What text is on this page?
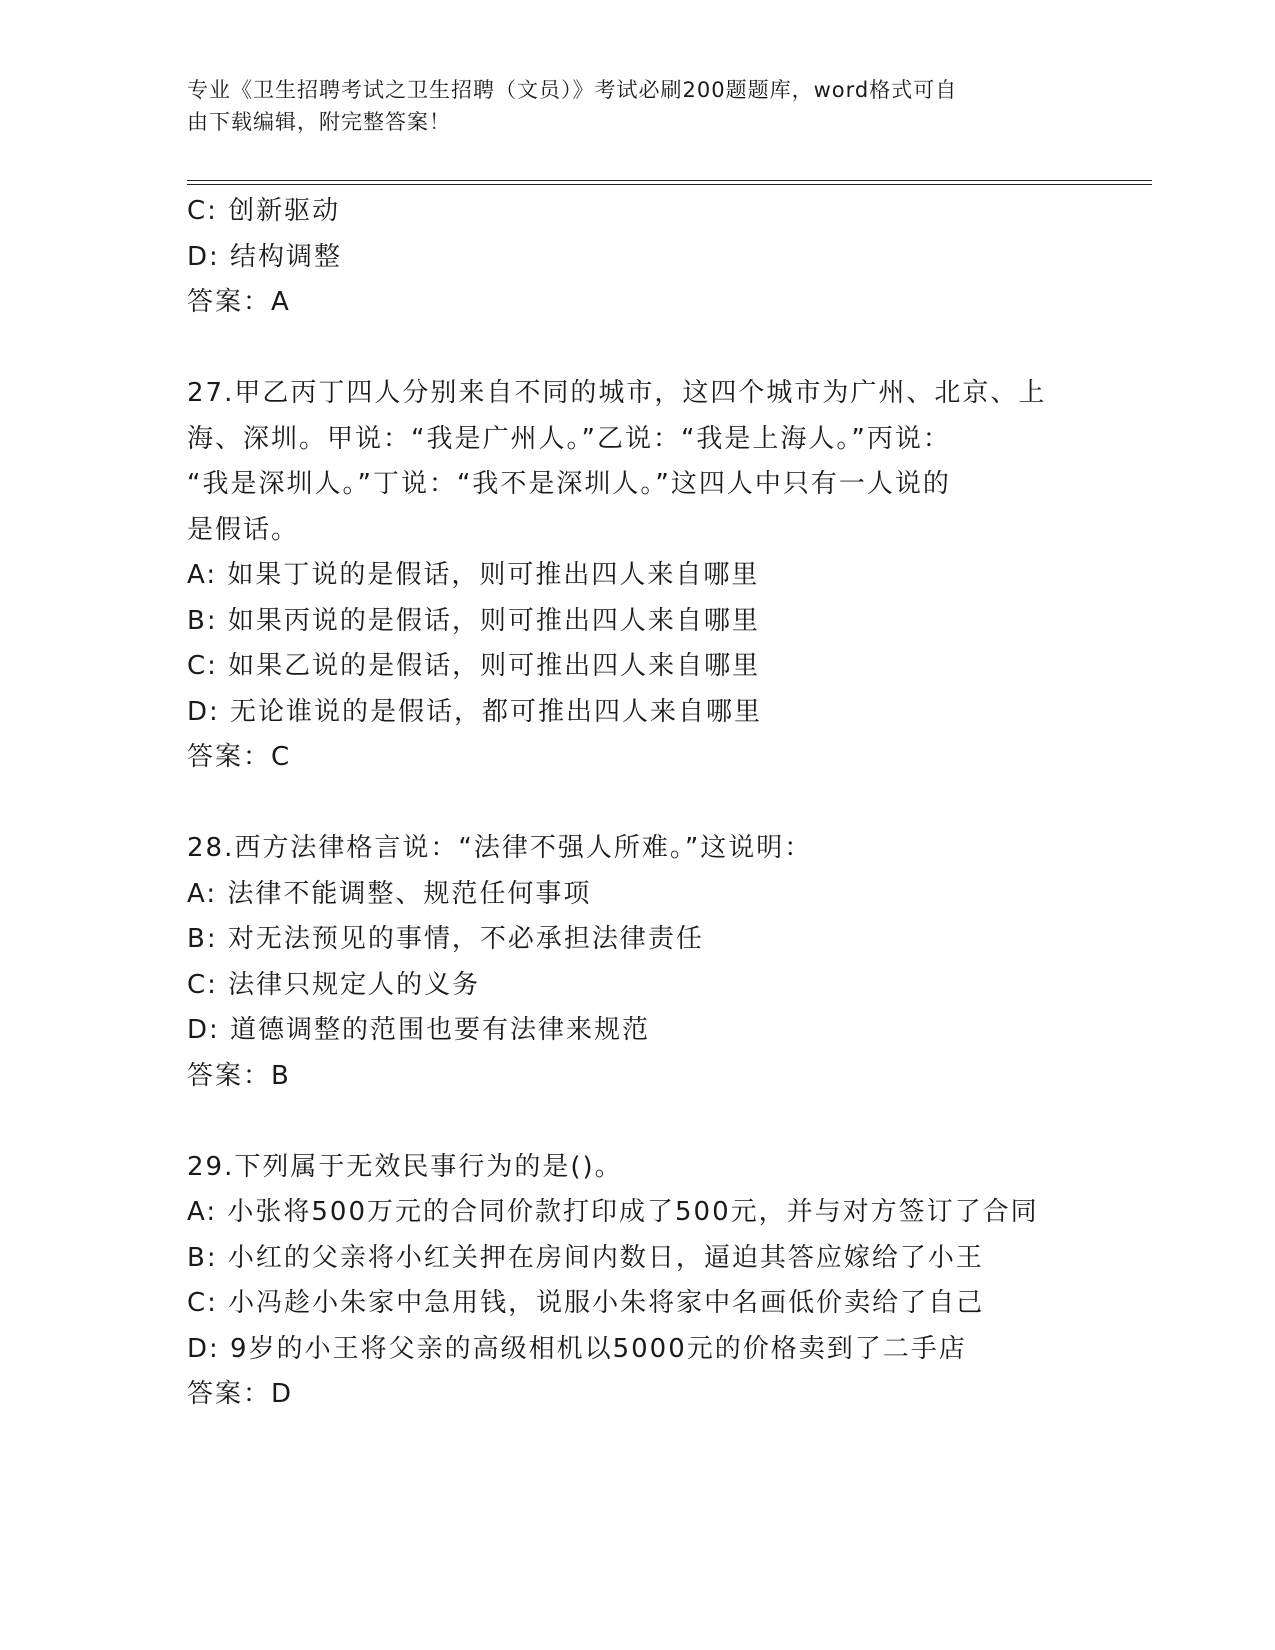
专业《卫生招聘考试之卫生招聘（文员）》考试必刷200题题库，word格式可自
由下载编辑，附完整答案！
C: 创新驱动
D: 结构调整
答案：A
27.甲乙丙丁四人分别来自不同的城市，这四个城市为广州、北京、上
海、深圳。甲说：“我是广州人。”乙说：“我是上海人。”丙说：
“我是深圳人。”丁说：“我不是深圳人。”这四人中只有一人说的
是假话。
A: 如果丁说的是假话，则可推出四人来自哪里
B: 如果丙说的是假话，则可推出四人来自哪里
C: 如果乙说的是假话，则可推出四人来自哪里
D: 无论谁说的是假话，都可推出四人来自哪里
答案：C
28.西方法律格言说：“法律不强人所难。”这说明：
A: 法律不能调整、规范任何事项
B: 对无法预见的事情，不必承担法律责任
C: 法律只规定人的义务
D: 道德调整的范围也要有法律来规范
答案：B
29.下列属于无效民事行为的是()。
A: 小张将500万元的合同价款打印成了500元，并与对方签订了合同
B: 小红的父亲将小红关押在房间内数日，逼迫其答应嫁给了小王
C: 小冯趁小朱家中急用钱，说服小朱将家中名画低价卖给了自己
D: 9岁的小王将父亲的高级相机以5000元的价格卖到了二手店
答案：D
